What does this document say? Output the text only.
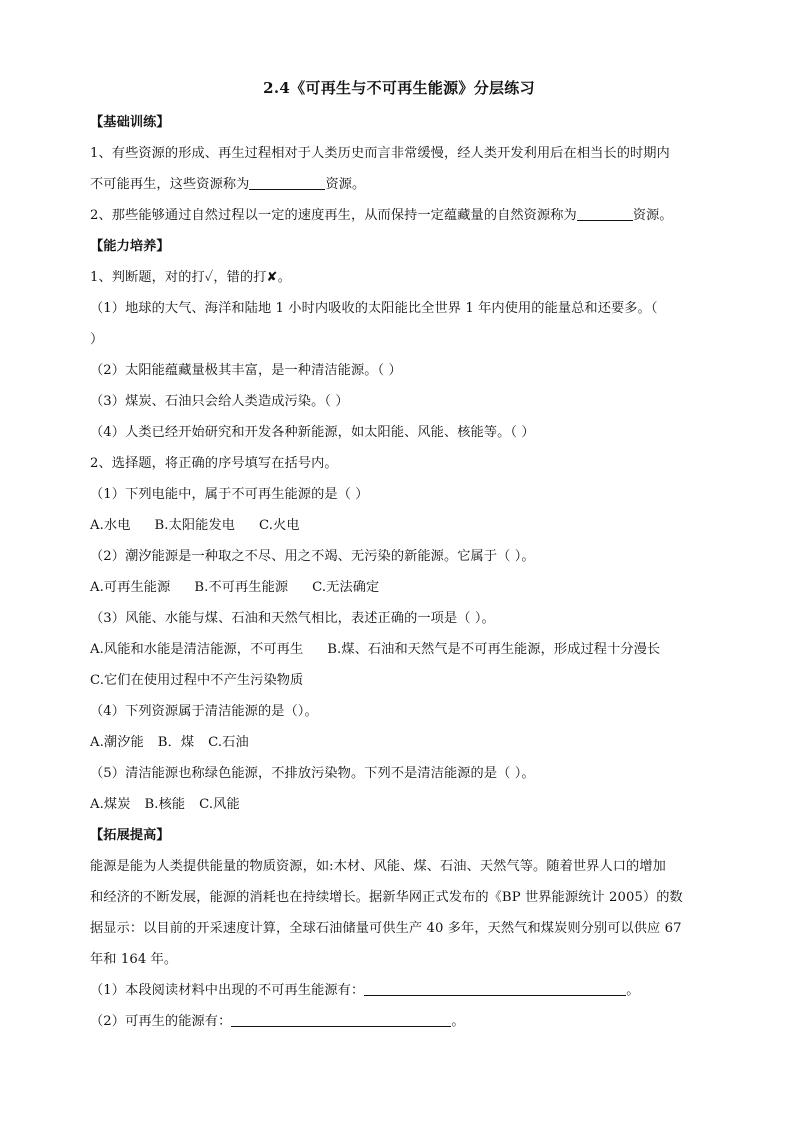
2.4《可再生与不可再生能源》分层练习
【基础训练】
1、有些资源的形成、再生过程相对于人类历史而言非常缓慢，经人类开发利用后在相当长的时期内
不可能再生，这些资源称为	资源。
2、那些能够通过自然过程以一定的速度再生，从而保持一定蕴藏量的自然资源称为	资源。
【能力培养】
1、判断题，对的打✓，错的打✘。
（1）地球的大气、海洋和陆地 1 小时内吸收的太阳能比全世界 1 年内使用的能量总和还要多。（
）
（2）太阳能蕴藏量极其丰富，是一种清洁能源。（ ）
（3）煤炭、石油只会给人类造成污染。（ ）
（4）人类已经开始研究和开发各种新能源，如太阳能、风能、核能等。（ ）
2、选择题，将正确的序号填写在括号内。
（1）下列电能中，属于不可再生能源的是（ ）
A.水电 B.太阳能发电 C.火电
（2）潮汐能源是一种取之不尽、用之不竭、无污染的新能源。它属于（ ）。
A.可再生能源 B.不可再生能源 C.无法确定
（3）风能、水能与煤、石油和天然气相比，表述正确的一项是（ ）。
A.风能和水能是清洁能源，不可再生 B.煤、石油和天然气是不可再生能源，形成过程十分漫长
C.它们在使用过程中不产生污染物质
（4）下列资源属于清洁能源的是（）。
A.潮汐能 B．煤 C.石油
（5）清洁能源也称绿色能源，不排放污染物。下列不是清洁能源的是（ ）。
A.煤炭 B.核能 C.风能
【拓展提高】
能源是能为人类提供能量的物质资源，如:木材、风能、煤、石油、天然气等。随着世界人口的增加
和经济的不断发展，能源的消耗也在持续增长。据新华网正式发布的《BP 世界能源统计 2005）的数
据显示：以目前的开采速度计算，全球石油储量可供生产 40 多年，天然气和煤炭则分别可以供应 67
年和 164 年。
（1）本段阅读材料中出现的不可再生能源有：	。
（2）可再生的能源有：	。
